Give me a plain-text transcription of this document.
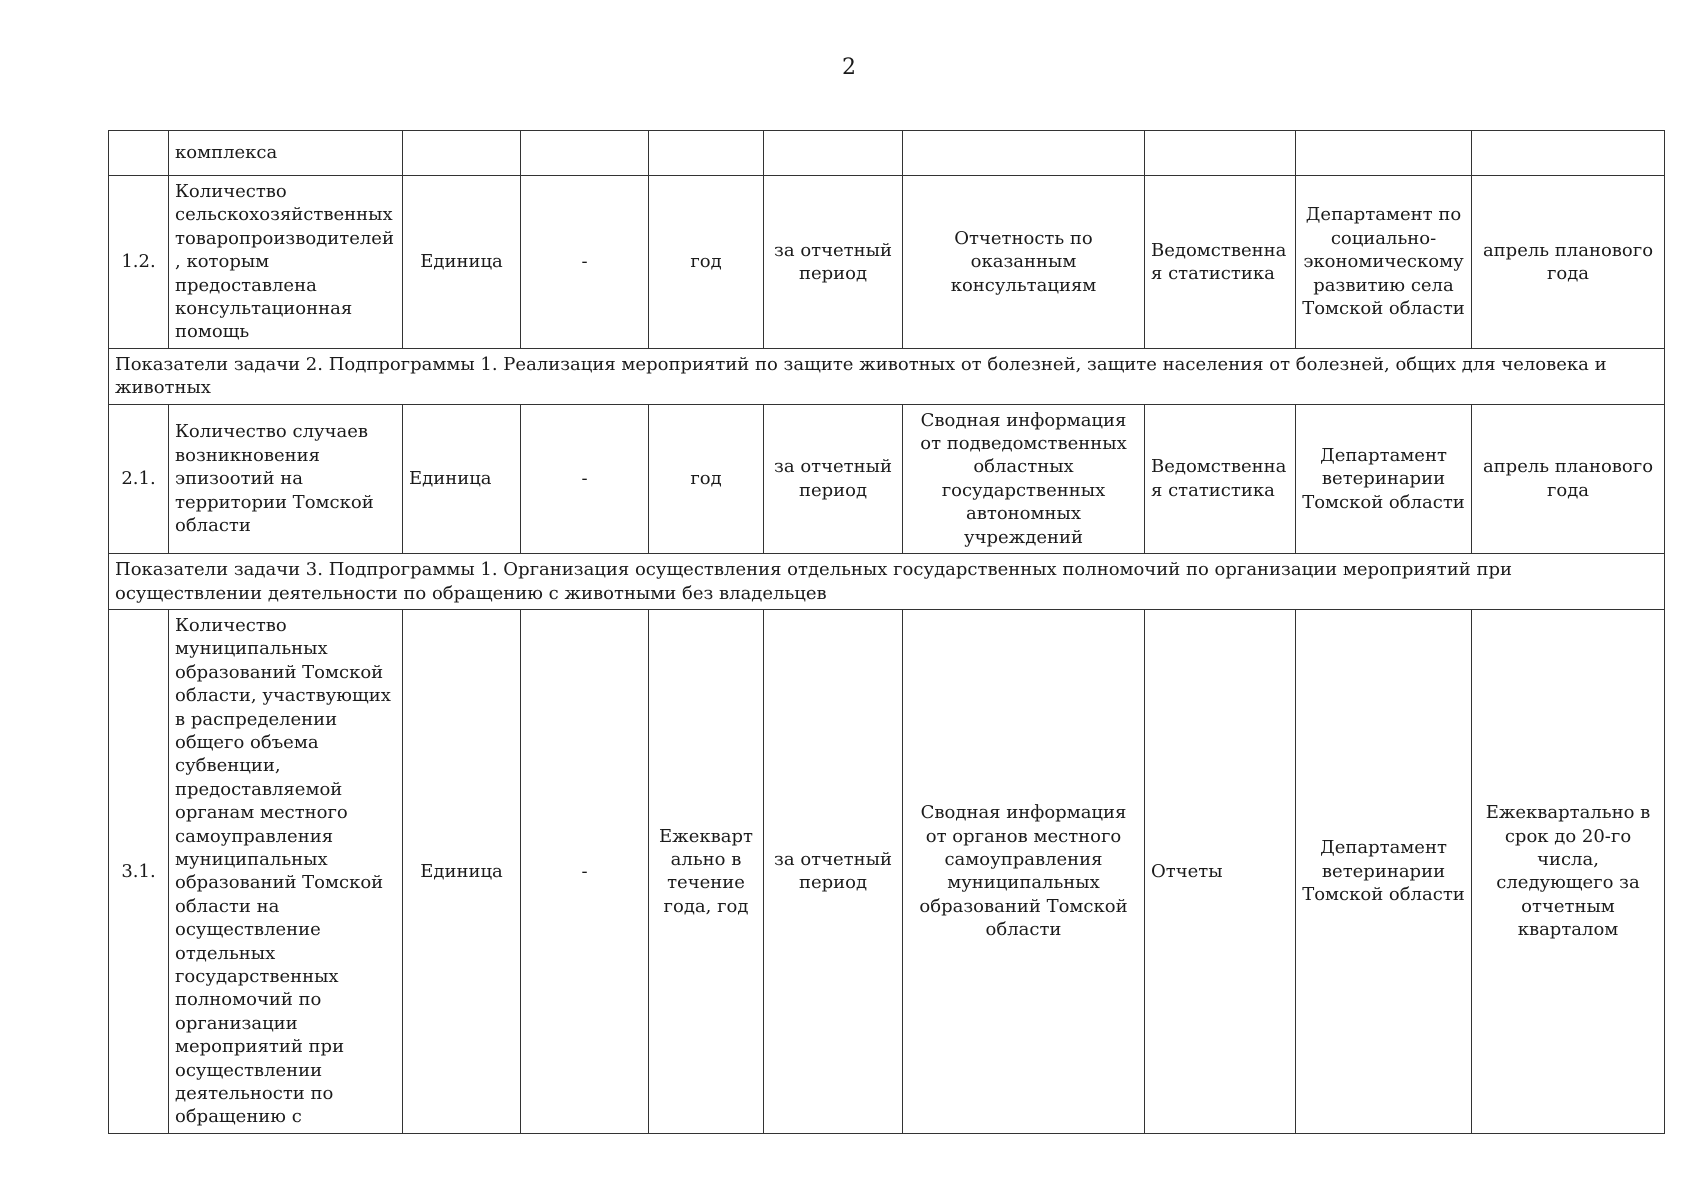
2
	комплекса								
1.2.	Количество сельскохозяйственных товаропроизводителей, которым предоставлена консультационная помощь	Единица	-	год	за отчетный период	Отчетность по оказанным консультациям	Ведомственная статистика	Департамент по социально-экономическому развитию села Томской области	апрель планового года
Показатели задачи 2. Подпрограммы 1. Реализация мероприятий по защите животных от болезней, защите населения от болезней, общих для человека и животных									
2.1.	Количество случаев возникновения эпизоотий на территории Томской области	Единица	-	год	за отчетный период	Сводная информация от подведомственных областных государственных автономных учреждений	Ведомственная статистика	Департамент ветеринарии Томской области	апрель планового года
Показатели задачи 3. Подпрограммы 1. Организация осуществления отдельных государственных полномочий по организации мероприятий при осуществлении деятельности по обращению с животными без владельцев									
3.1.	Количество муниципальных образований Томской области, участвующих в распределении общего объема субвенции, предоставляемой органам местного самоуправления муниципальных образований Томской области на осуществление отдельных государственных полномочий по организации мероприятий при осуществлении деятельности по обращению с	Единица	-	Ежеквартально в течение года, год	за отчетный период	Сводная информация от органов местного самоуправления муниципальных образований Томской области	Отчеты	Департамент ветеринарии Томской области	Ежеквартально в срок до 20-го числа, следующего за отчетным кварталом
